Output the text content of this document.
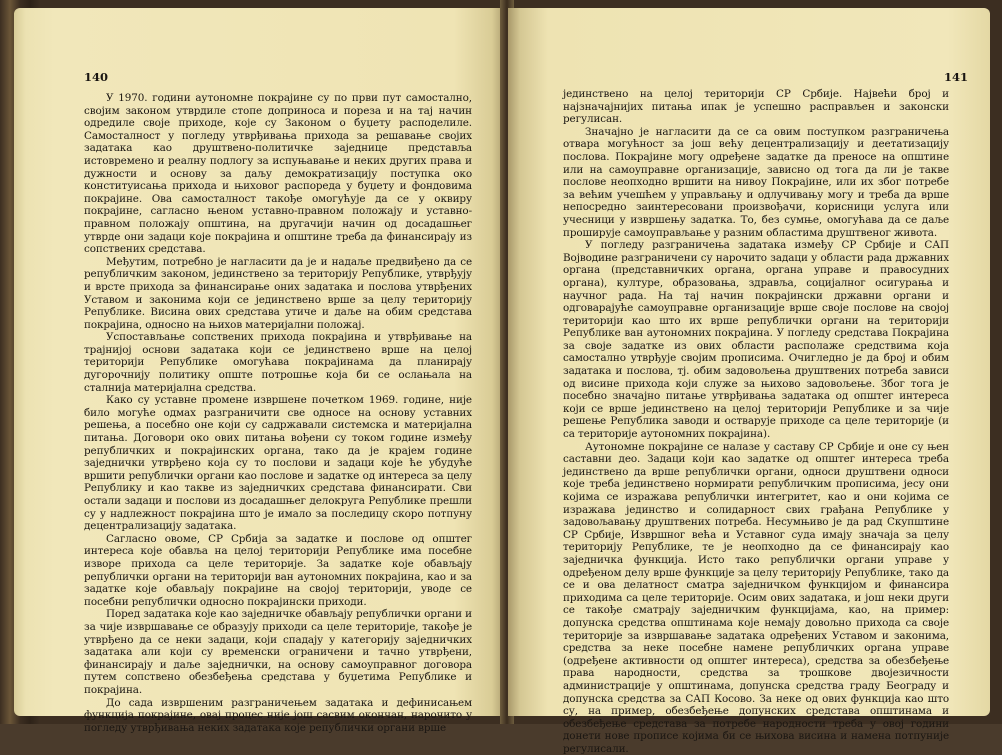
140

У 1970. години аутономне покрајине су по први пут самостално, својим законом утврдиле стопе доприноса и пореза и на тај начин одредиле своје приходе, које су Законом о буџету расподелиле. Самосталност у погледу утврђивања прихода за решавање својих задатака као друштвено-политичке заједнице представља истовремено и реалну подлогу за испуњавање и неких других права и дужности и основу за даљу демократизацију поступка око конституисања прихода и њиховог распореда у буџету и фондовима покрајине. Ова самосталност такође омогућује да се у оквиру покрајине, сагласно њеном уставно-правном положају и уставно-правном положају општина, на другачији начин од досадашњег утврде они задаци које покрајина и општине треба да финансирају из сопствених средстава.

Међутим, потребно је нагласити да је и надаље предвиђено да се републичким законом, јединствено за територију Републике, утврђују и врсте прихода за финансирање оних задатака и послова утврђених Уставом и законима који се јединствено врше за целу територију Републике. Висина ових средстава утиче и даље на обим средстава покрајина, односно на њихов материјални положај.

Успостављање сопствених прихода покрајина и утврђивање на трајнијој основи задатака који се јединствено врше на целој територији Републике омогућава покрајинама да планирају дугорочнију политику опште потрошње која би се ослањала на сталнија материјална средства.

Како су уставне промене извршене почетком 1969. године, није било могуће одмах разграничити све односе на основу уставних решења, а посебно оне који су садржавали системска и материјална питања. Договори око ових питања вођени су током године између републичких и покрајинских органа, тако да је крајем године заједнички утврђено која су то послови и задаци које ће убудуће вршити републички органи као послове и задатке од интереса за целу Републику и као такве из заједничких средстава финансирати. Сви остали задаци и послови из досадашњег делокруга Републике прешли су у надлежност покрајина што је имало за последицу скоро потпуну децентрализацију задатака.

Сагласно овоме, СР Србија за задатке и послове од општег интереса које обавља на целој територији Републике има посебне изворе прихода са целе територије. За задатке које обављају републички органи на територији ван аутономних покрајина, као и за задатке које обављају покрајине на својој територији, уводе се посебни републички односно покрајински приходи.

Поред задатака које као заједничке обављају републички органи и за чије извршавање се образују приходи са целе територије, такође је утврђено да се неки задаци, који спадају у категорију заједничких задатака али који су временски ограничени и тачно утврђени, финансирају и даље заједнички, на основу самоуправног договора путем сопствено обезбеђења средстава у буџетима Републике и покрајина.

До сада извршеним разграничењем задатака и дефинисањем функција покрајине, овај процес није још сасвим окончан, нарочито у погледу утврђивања неких задатака које републички органи врше

141

јединствено на целој територији СР Србије. Највећи број и најзначајнијих питања ипак је успешно расправљен и законски регулисан.

Значајно је нагласити да се са овим поступком разграничења отвара могућност за још већу децентрализацију и деетатизацију послова. Покрајине могу одређене задатке да преносе на општине или на самоуправне организације, зависно од тога да ли је такве послове неопходно вршити на нивоу Покрајине, или их због потребе за већим учешћем у управљању и одлучивању могу и треба да врше непосредно заинтересовани произвођачи, корисници услуга или учесници у извршењу задатка. То, без сумње, омогућава да се даље проширује самоуправљање у разним областима друштвеног живота.

У погледу разграничења задатака између СР Србије и САП Војводине разграничени су нарочито задаци у области рада државних органа (представничких органа, органа управе и правосудних органа), културе, образовања, здравља, социјалног осигурања и научног рада. На тај начин покрајински државни органи и одговарајуће самоуправне организације врше своје послове на својој територији као што их врше републички органи на територији Републике ван аутономних покрајина. У погледу средстава Покрајина за своје задатке из ових области располаже средствима која самостално утврђује својим прописима. Очигледно је да број и обим задатака и послова, тј. обим задовољења друштвених потреба зависи од висине прихода који служе за њихово задовољење. Због тога је посебно значајно питање утврђивања задатака од општег интереса који се врше јединствено на целој територији Републике и за чије решење Република заводи и остварује приходе са целе територије (и са територије аутономних покрајина).

Аутономне покрајине се налазе у саставу СР Србије и оне су њен саставни део. Задаци који као задатке од општег интереса треба јединствено да врше републички органи, односи друштвени односи које треба јединствено нормирати републичким прописима, јесу они којима се изражава републички интегритет, као и они којима се изражава јединство и солидарност свих грађана Републике у задовољавању друштвених потреба. Несумњиво је да рад Скупштине СР Србије, Извршног већа и Уставног суда имају значаја за целу територију Републике, те је неопходно да се финансирају као заједничка функција. Исто тако републички органи управе у одређеном делу врше функције за целу територију Републике, тако да се и ова делатност сматра заједничком функцијом и финансира приходима са целе територије. Осим ових задатака, и још неки други се такође сматрају заједничким функцијама, као, на пример: допунска средства општинама које немају довољно прихода са своје територије за извршавање задатака одређених Уставом и законима, средства за неке посебне намене републичких органа управе (одређене активности од општег интереса), средства за обезбеђење права народности, средства за трошкове двојезичности администрације у општинама, допунска средства граду Београду и допунска средства за САП Косово. За неке од ових функција као што су, на пример, обезбеђење допунских средстава општинама и обезбеђење средстава за потребе народности треба у овој години донети нове прописе којима би се њихова висина и намена потпуније регулисали.
